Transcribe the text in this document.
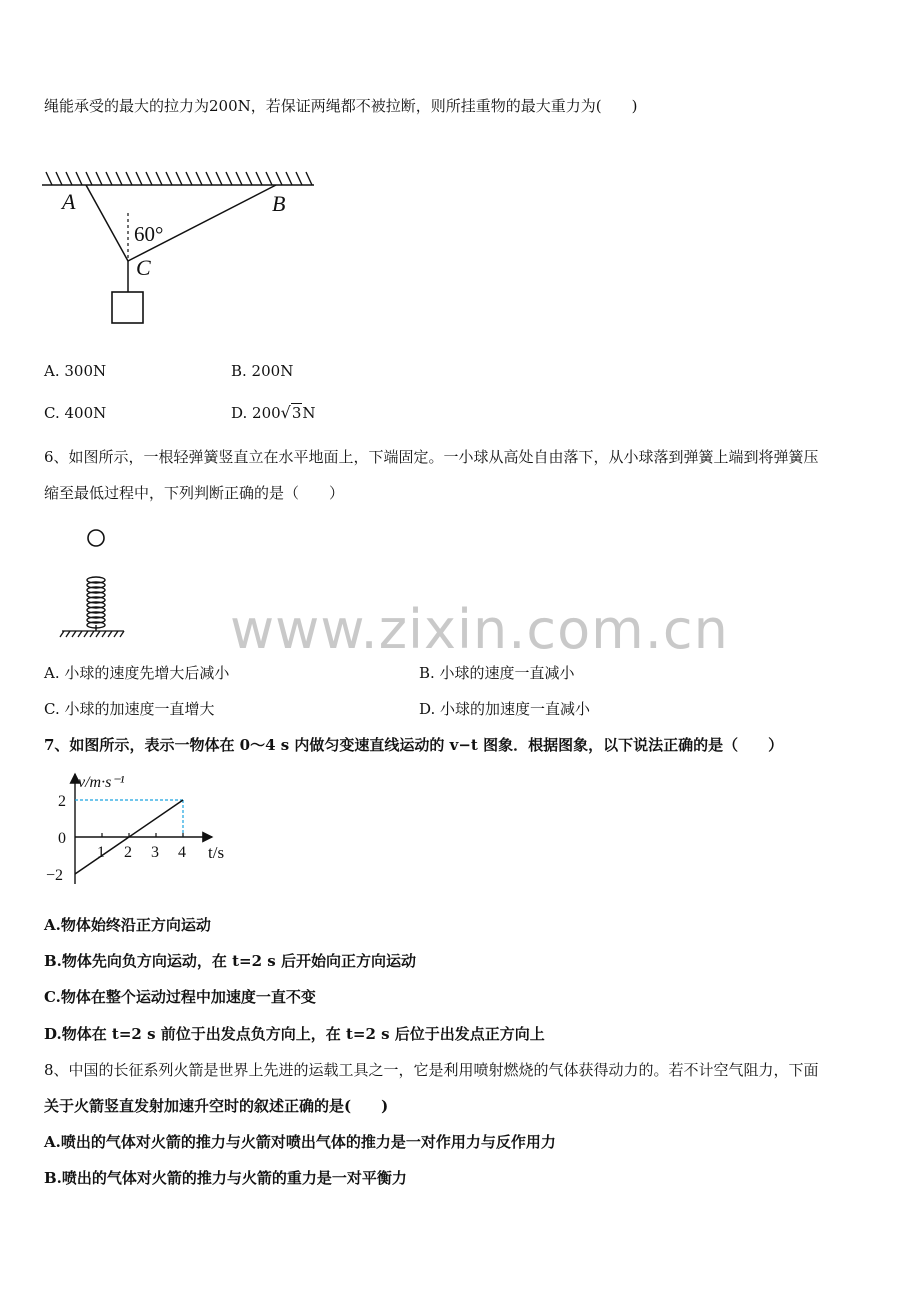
绳能承受的最大的拉力为200N，若保证两绳都不被拉断，则所挂重物的最大重力为(　　)
A	B
C
60°
A. 300N	B. 200N
C. 400N	D. 200√3N
6、如图所示，一根轻弹簧竖直立在水平地面上，下端固定。一小球从高处自由落下，从小球落到弹簧上端到将弹簧压
缩至最低过程中，下列判断正确的是（　　）
www.zixin.com.cn
A. 小球的速度先增大后减小	B. 小球的速度一直减小
C. 小球的加速度一直增大	D. 小球的加速度一直减小
7、如图所示，表示一物体在 0～4 s 内做匀变速直线运动的 v−t 图象．根据图象，以下说法正确的是（　　）
1 2 3 4
2
0
−2
v/m·s⁻¹
t/s
A.物体始终沿正方向运动
B.物体先向负方向运动，在 t=2 s 后开始向正方向运动
C.物体在整个运动过程中加速度一直不变
D.物体在 t=2 s 前位于出发点负方向上，在 t=2 s 后位于出发点正方向上
8、中国的长征系列火箭是世界上先进的运载工具之一，它是利用喷射燃烧的气体获得动力的。若不计空气阻力，下面
关于火箭竖直发射加速升空时的叙述正确的是(　　)
A.喷出的气体对火箭的推力与火箭对喷出气体的推力是一对作用力与反作用力
B.喷出的气体对火箭的推力与火箭的重力是一对平衡力
